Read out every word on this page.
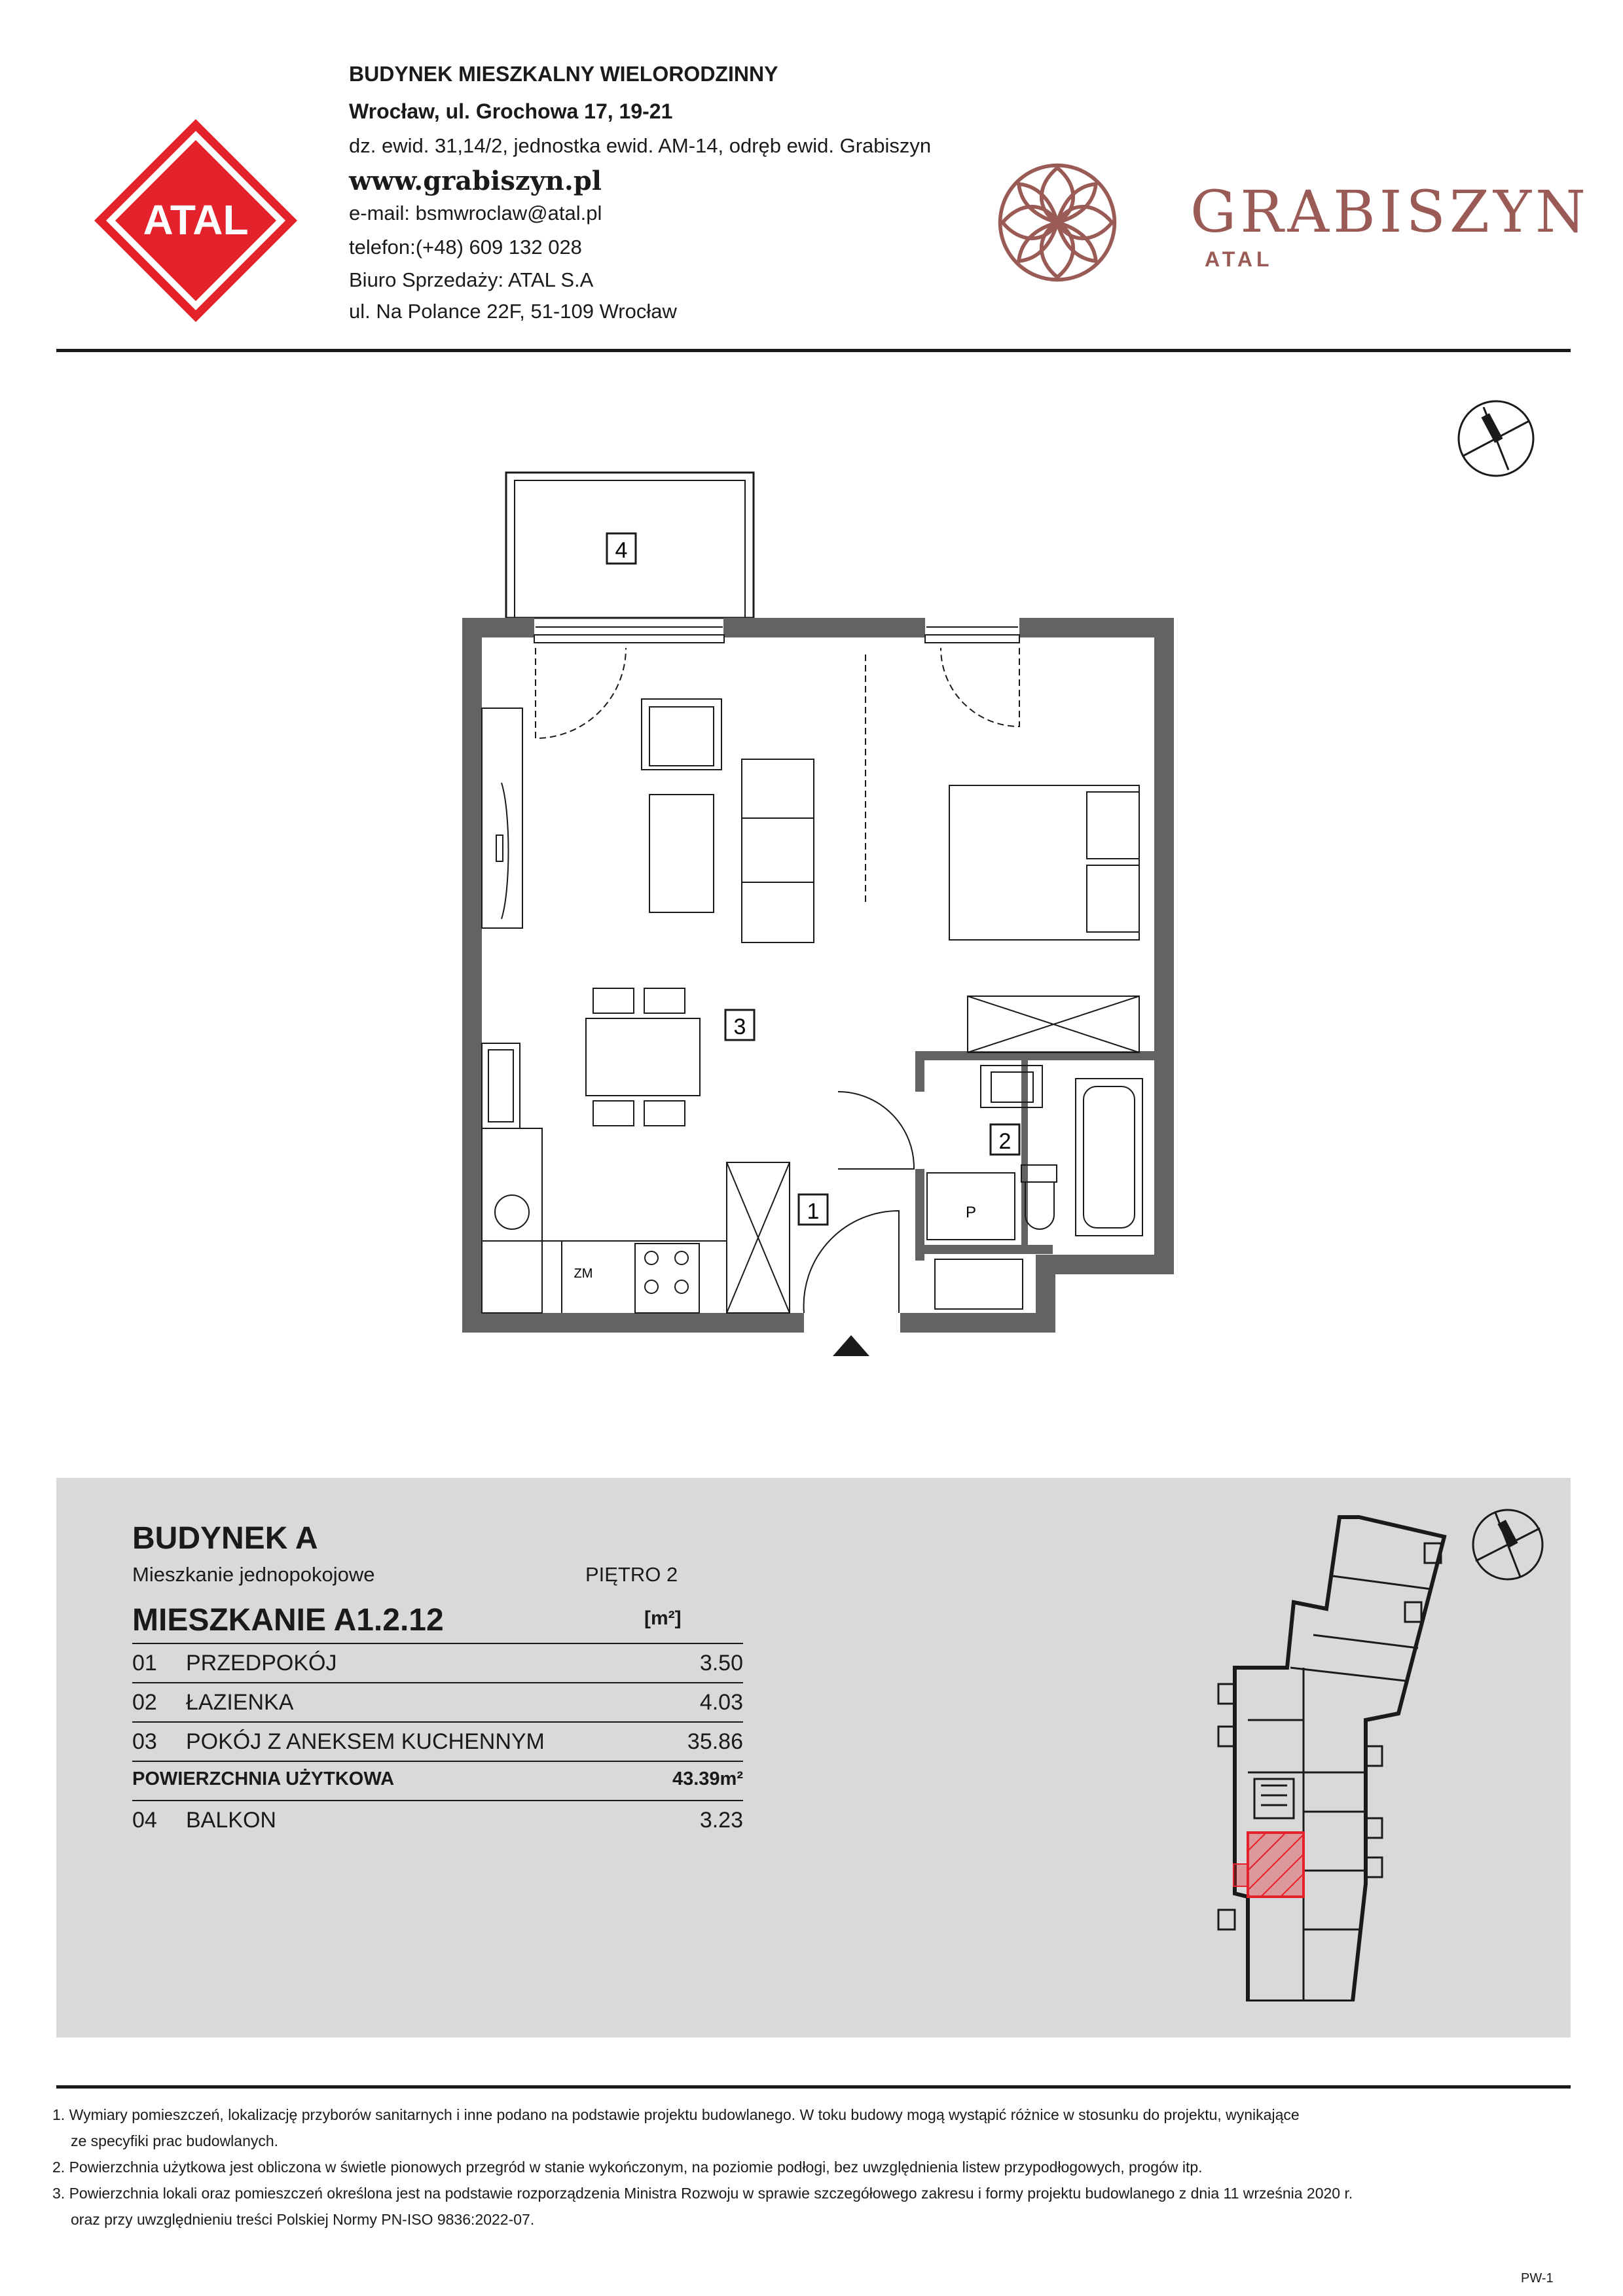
ATAL
BUDYNEK MIESZKALNY WIELORODZINNY
Wrocław, ul. Grochowa 17, 19-21
dz. ewid. 31,14/2, jednostka ewid. AM-14, odręb ewid. Grabiszyn
www.grabiszyn.pl
e-mail: bsmwroclaw@atal.pl
telefon:(+48) 609 132 028
Biuro Sprzedaży: ATAL S.A
ul. Na Polance 22F, 51-109 Wrocław
GRABISZYN
ATAL
4
ZM
P
3
2
1
BUDYNEK A
Mieszkanie jednopokojowe	PIĘTRO 2
MIESZKANIE A1.2.12	[m²]
01 PRZEDPOKÓJ	3.50
02 ŁAZIENKA	4.03
03 POKÓJ Z ANEKSEM KUCHENNYM	35.86
POWIERZCHNIA UŻYTKOWA	43.39m²
04 BALKON	3.23
1. Wymiary pomieszczeń, lokalizację przyborów sanitarnych i inne podano na podstawie projektu budowlanego. W toku budowy mogą wystąpić różnice w stosunku do projektu, wynikające
ze specyfiki prac budowlanych.
2. Powierzchnia użytkowa jest obliczona w świetle pionowych przegród w stanie wykończonym, na poziomie podłogi, bez uwzględnienia listew przypodłogowych, progów itp.
3. Powierzchnia lokali oraz pomieszczeń określona jest na podstawie rozporządzenia Ministra Rozwoju w sprawie szczegółowego zakresu i formy projektu budowlanego z dnia 11 września 2020 r.
oraz przy uwzględnieniu treści Polskiej Normy PN-ISO 9836:2022-07.
PW-1
